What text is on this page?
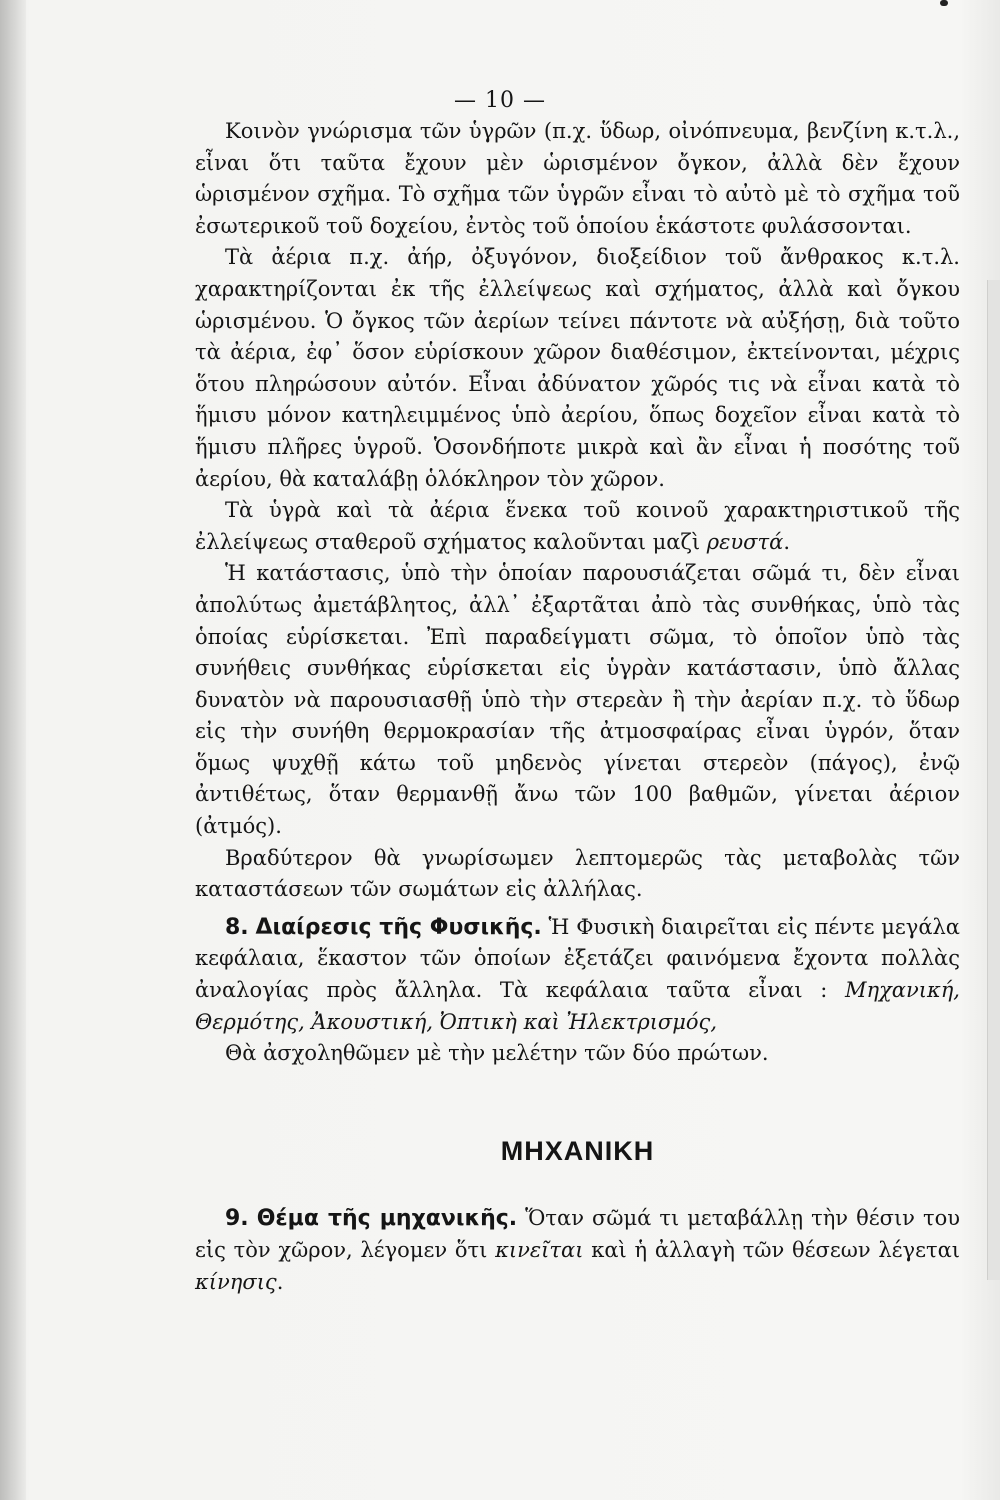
— 10 —

Κοινὸν γνώρισμα τῶν ὑγρῶν (π.χ. ὕδωρ, οἰνόπνευμα, βενζίνη κ.τ.λ., εἶναι ὅτι ταῦτα ἔχουν μὲν ὡρισμένον ὄγκον, ἀλλὰ δὲν ἔχουν ὡρισμένον σχῆμα. Τὸ σχῆμα τῶν ὑγρῶν εἶναι τὸ αὐτὸ μὲ τὸ σχῆμα τοῦ ἐσωτερικοῦ τοῦ δοχείου, ἐντὸς τοῦ ὁποίου ἑκάστοτε φυλάσσονται.

Τὰ ἀέρια π.χ. ἀήρ, ὀξυγόνον, διοξείδιον τοῦ ἄνθρακος κ.τ.λ. χαρακτηρίζονται ἐκ τῆς ἐλλείψεως καὶ σχήματος, ἀλλὰ καὶ ὄγκου ὡρισμένου. Ὁ ὄγκος τῶν ἀερίων τείνει πάντοτε νὰ αὐξήσῃ, διὰ τοῦτο τὰ ἀέρια, ἐφ᾽ ὅσον εὑρίσκουν χῶρον διαθέσιμον, ἐκτείνονται, μέχρις ὅτου πληρώσουν αὐτόν. Εἶναι ἀδύνατον χῶρός τις νὰ εἶναι κατὰ τὸ ἥμισυ μόνον κατηλειμμένος ὑπὸ ἀερίου, ὅπως δοχεῖον εἶναι κατὰ τὸ ἥμισυ πλῆρες ὑγροῦ. Ὁσονδήποτε μικρὰ καὶ ἂν εἶναι ἡ ποσότης τοῦ ἀερίου, θὰ καταλάβῃ ὁλόκληρον τὸν χῶρον.

Τὰ ὑγρὰ καὶ τὰ ἀέρια ἕνεκα τοῦ κοινοῦ χαρακτηριστικοῦ τῆς ἐλλείψεως σταθεροῦ σχήματος καλοῦνται μαζὶ ρευστά.

Ἡ κατάστασις, ὑπὸ τὴν ὁποίαν παρουσιάζεται σῶμά τι, δὲν εἶναι ἀπολύτως ἀμετάβλητος, ἀλλ᾽ ἐξαρτᾶται ἀπὸ τὰς συνθήκας, ὑπὸ τὰς ὁποίας εὑρίσκεται. Ἐπὶ παραδείγματι σῶμα, τὸ ὁποῖον ὑπὸ τὰς συνήθεις συνθήκας εὑρίσκεται εἰς ὑγρὰν κατάστασιν, ὑπὸ ἄλλας δυνατὸν νὰ παρουσιασθῇ ὑπὸ τὴν στερεὰν ἢ τὴν ἀερίαν π.χ. τὸ ὕδωρ εἰς τὴν συνήθη θερμοκρασίαν τῆς ἀτμοσφαίρας εἶναι ὑγρόν, ὅταν ὅμως ψυχθῇ κάτω τοῦ μηδενὸς γίνεται στερεὸν (πάγος), ἐνῷ ἀντιθέτως, ὅταν θερμανθῇ ἄνω τῶν 100 βαθμῶν, γίνεται ἀέριον (ἀτμός).

Βραδύτερον θὰ γνωρίσωμεν λεπτομερῶς τὰς μεταβολὰς τῶν καταστάσεων τῶν σωμάτων εἰς ἀλλήλας.

8. Διαίρεσις τῆς Φυσικῆς. Ἡ Φυσικὴ διαιρεῖται εἰς πέντε μεγάλα κεφάλαια, ἕκαστον τῶν ὁποίων ἐξετάζει φαινόμενα ἔχοντα πολλὰς ἀναλογίας πρὸς ἄλληλα. Τὰ κεφάλαια ταῦτα εἶναι : Μηχανική, Θερμότης, Ἀκουστική, Ὀπτικὴ καὶ Ἠλεκτρισμός,

Θὰ ἀσχοληθῶμεν μὲ τὴν μελέτην τῶν δύο πρώτων.

ΜΗΧΑΝΙΚΗ

9. Θέμα τῆς μηχανικῆς. Ὅταν σῶμά τι μεταβάλλῃ τὴν θέσιν του εἰς τὸν χῶρον, λέγομεν ὅτι κινεῖται καὶ ἡ ἀλλαγὴ τῶν θέσεων λέγεται κίνησις.
